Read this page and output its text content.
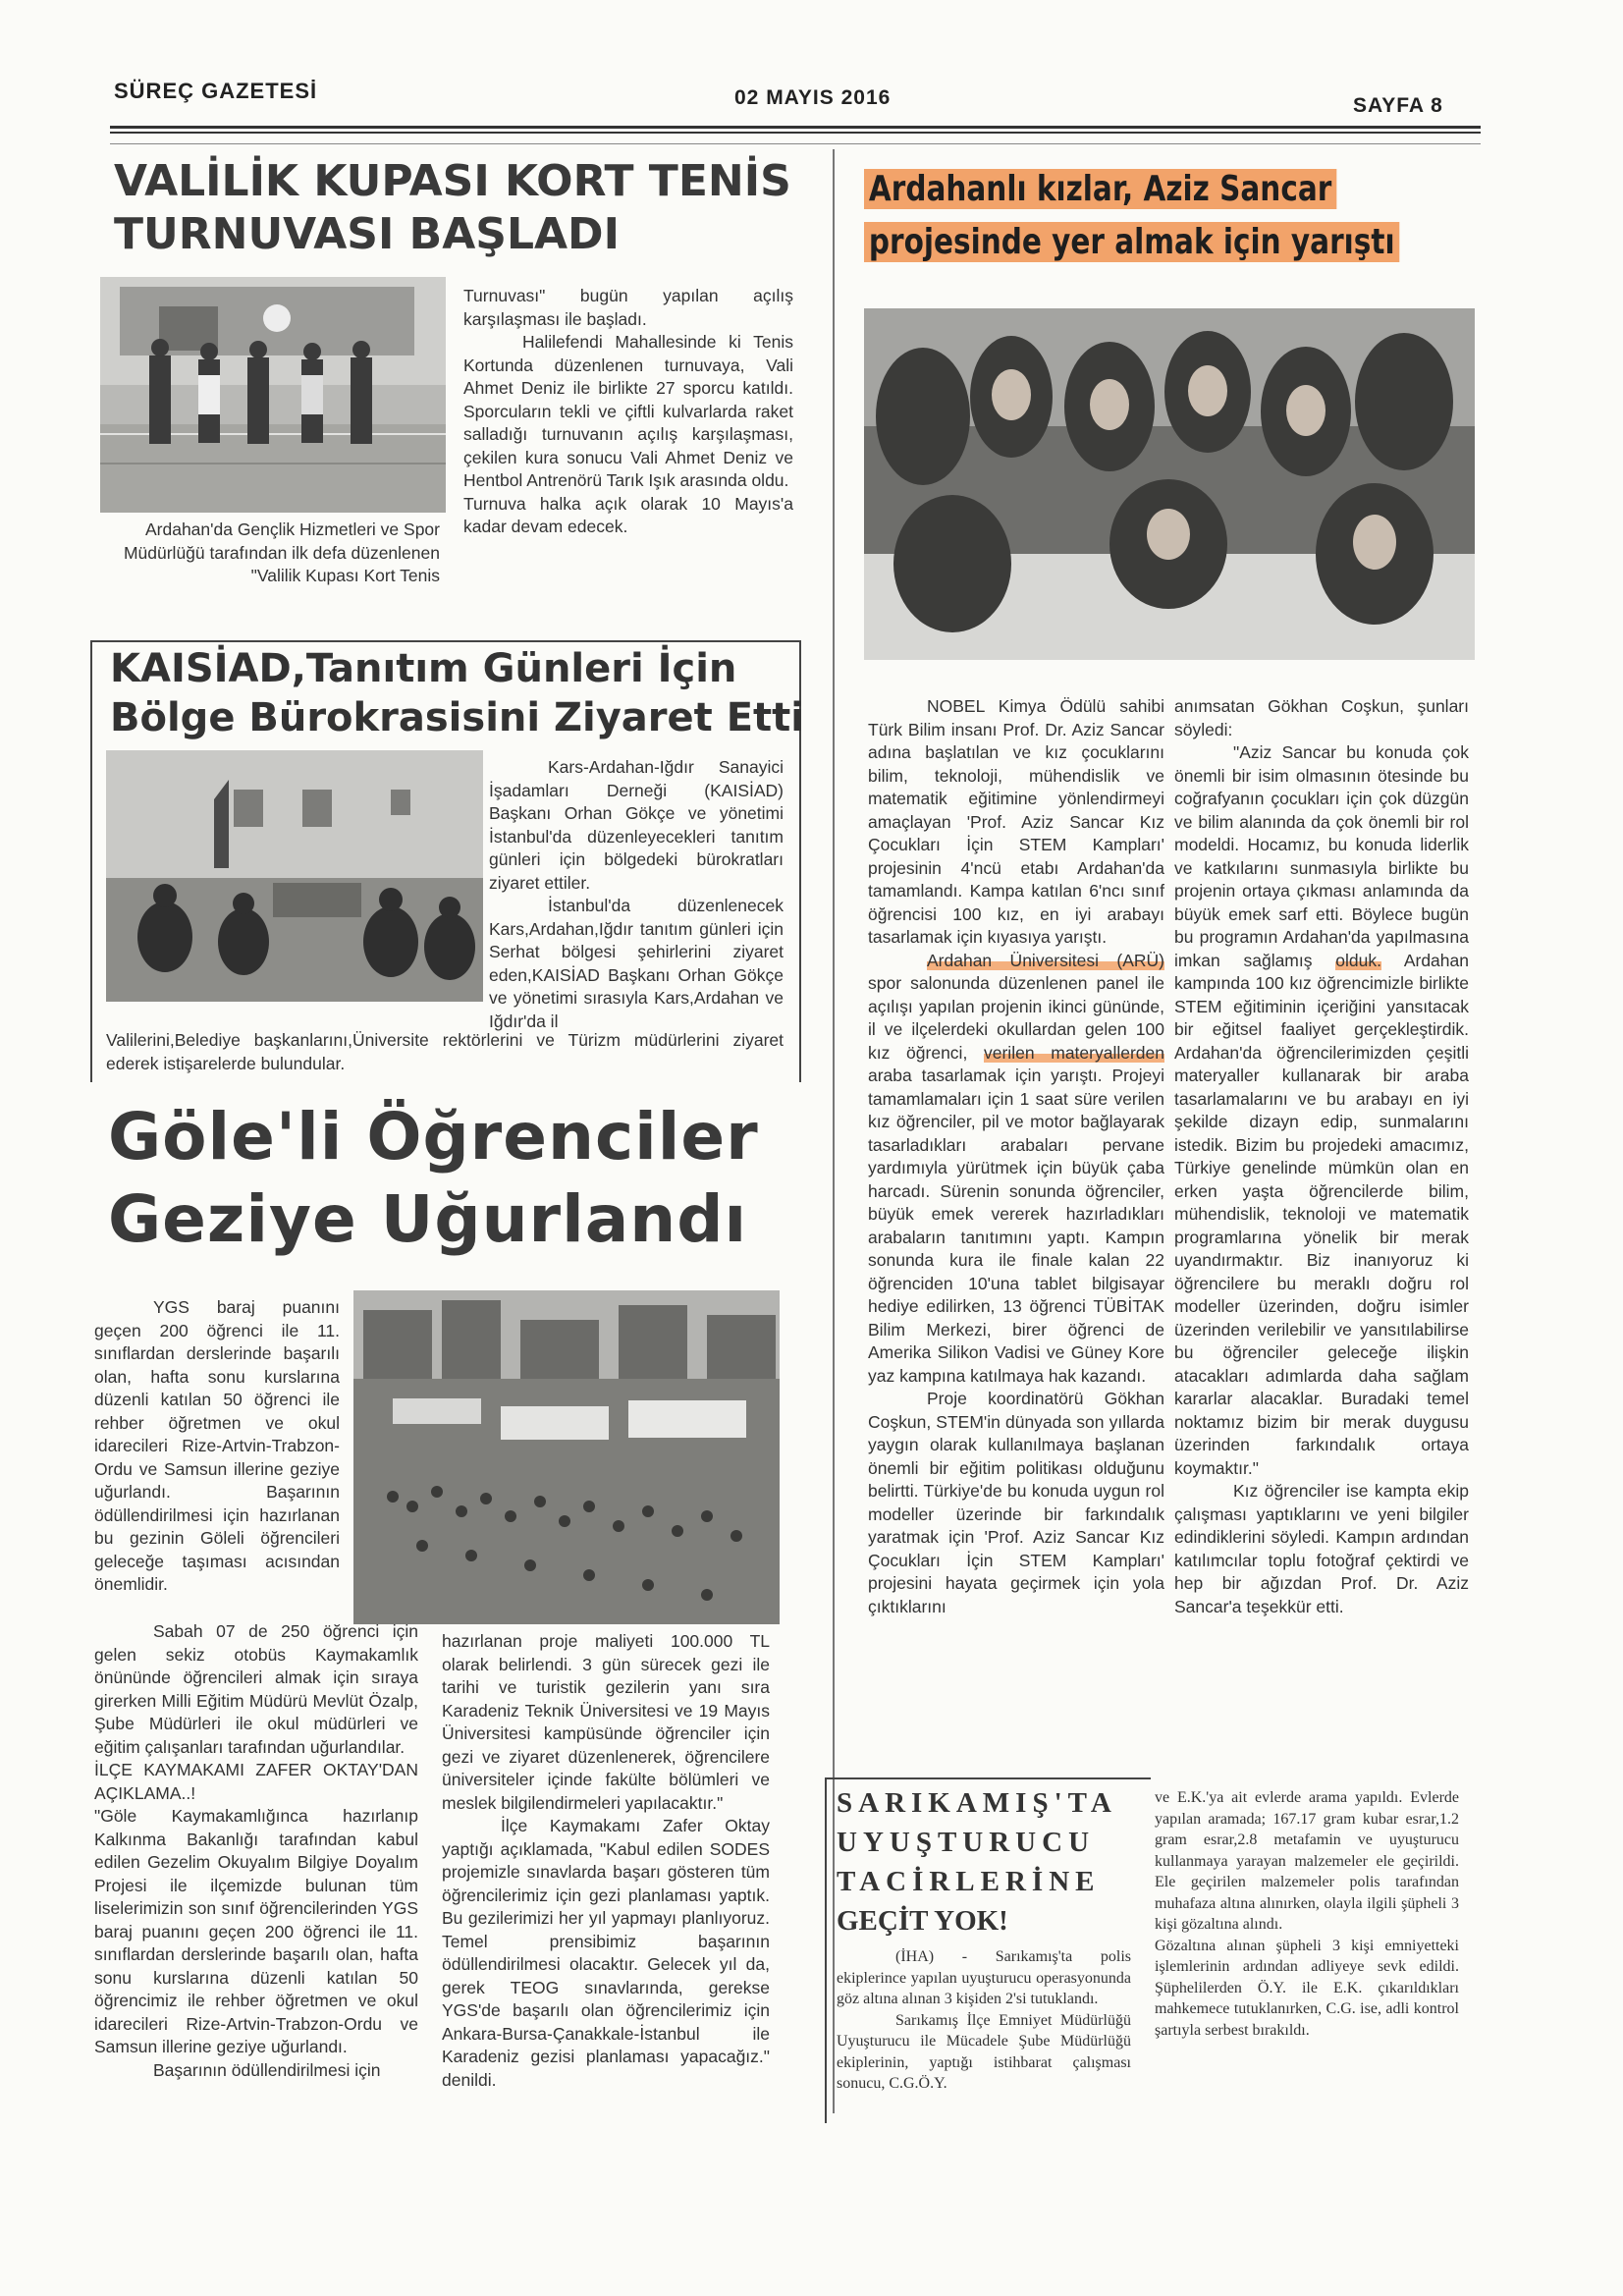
SÜREÇ GAZETESİ	02 MAYIS 2016	SAYFA 8
VALİLİK KUPASI KORT TENİS
TURNUVASI BAŞLADI
Ardahan'da Gençlik Hizmetleri ve Spor Müdürlüğü tarafından ilk defa düzenlenen "Valilik Kupası Kort Tenis

Turnuvası" bugün yapılan açılış karşılaşması ile başladı.

Halilefendi Mahallesinde ki Tenis Kortunda düzenlenen turnuvaya, Vali Ahmet Deniz ile birlikte 27 sporcu katıldı. Sporcuların tekli ve çiftli kulvarlarda raket salladığı turnuvanın açılış karşılaşması, çekilen kura sonucu Vali Ahmet Deniz ve Hentbol Antrenörü Tarık Işık arasında oldu.

Turnuva halka açık olarak 10 Mayıs'a kadar devam edecek.

KAISİAD,Tanıtım Günleri İçin
Bölge Bürokrasisini Ziyaret Etti

Kars-Ardahan-Iğdır Sanayici İşadamları Derneği (KAISİAD) Başkanı Orhan Gökçe ve yönetimi İstanbul'da düzenleyecekleri tanıtım günleri için bölgedeki bürokratları ziyaret ettiler.

İstanbul'da düzenlenecek Kars,Ardahan,Iğdır tanıtım günleri için Serhat bölgesi şehirlerini ziyaret eden,KAISİAD Başkanı Orhan Gökçe ve yönetimi sırasıyla Kars,Ardahan ve Iğdır'da il

Valilerini,Belediye başkanlarını,Üniversite rektörlerini ve Türizm müdürlerini ziyaret ederek istişarelerde bulundular.
Göle'li Öğrenciler
Geziye Uğurlandı

YGS baraj puanını geçen 200 öğrenci ile 11. sınıflardan derslerinde başarılı olan, hafta sonu kurslarına düzenli katılan 50 öğrenci ile rehber öğretmen ve okul idarecileri Rize-Artvin-Trabzon-Ordu ve Samsun illerine geziye uğurlandı. Başarının ödüllendirilmesi için hazırlanan bu gezinin Göleli öğrencileri geleceğe taşıması acısından önemlidir.

Sabah 07 de 250 öğrenci için gelen sekiz otobüs Kaymakamlık önününde öğrencileri almak için sıraya girerken Milli Eğitim Müdürü Mevlüt Özalp, Şube Müdürleri ile okul müdürleri ve eğitim çalışanları tarafından uğurlandılar.

İLÇE KAYMAKAMI ZAFER OKTAY'DAN AÇIKLAMA..!

"Göle Kaymakamlığınca hazırlanıp Kalkınma Bakanlığı tarafından kabul edilen Gezelim Okuyalım Bilgiye Doyalım Projesi ile ilçemizde bulunan tüm liselerimizin son sınıf öğrencilerinden YGS baraj puanını geçen 200 öğrenci ile 11. sınıflardan derslerinde başarılı olan, hafta sonu kurslarına düzenli katılan 50 öğrencimiz ile rehber öğretmen ve okul idarecileri Rize-Artvin-Trabzon-Ordu ve Samsun illerine geziye uğurlandı.

Başarının ödüllendirilmesi için

hazırlanan proje maliyeti 100.000 TL olarak belirlendi. 3 gün sürecek gezi ile tarihi ve turistik gezilerin yanı sıra Karadeniz Teknik Üniversitesi ve 19 Mayıs Üniversitesi kampüsünde öğrenciler için gezi ve ziyaret düzenlenerek, öğrencilere üniversiteler içinde fakülte bölümleri ve meslek bilgilendirmeleri yapılacaktır."

İlçe Kaymakamı Zafer Oktay yaptığı açıklamada, "Kabul edilen SODES projemizle sınavlarda başarı gösteren tüm öğrencilerimiz için gezi planlaması yaptık. Bu gezilerimizi her yıl yapmayı planlıyoruz. Temel prensibimiz başarının ödüllendirilmesi olacaktır. Gelecek yıl da, gerek TEOG sınavlarında, gerekse YGS'de başarılı olan öğrencilerimiz için Ankara-Bursa-Çanakkale-İstanbul ile Karadeniz gezisi planlaması yapacağız." denildi.

Ardahanlı kızlar, Aziz Sancar
projesinde yer almak için yarıştı

NOBEL Kimya Ödülü sahibi Türk Bilim insanı Prof. Dr. Aziz Sancar adına başlatılan ve kız çocuklarını bilim, teknoloji, mühendislik ve matematik eğitimine yönlendirmeyi amaçlayan 'Prof. Aziz Sancar Kız Çocukları İçin STEM Kampları' projesinin 4'ncü etabı Ardahan'da tamamlandı. Kampa katılan 6'ncı sınıf öğrencisi 100 kız, en iyi arabayı tasarlamak için kıyasıya yarıştı.

Ardahan Üniversitesi (ARÜ) spor salonunda düzenlenen panel ile açılışı yapılan projenin ikinci gününde, il ve ilçelerdeki okullardan gelen 100 kız öğrenci, verilen materyallerden araba tasarlamak için yarıştı. Projeyi tamamlamaları için 1 saat süre verilen kız öğrenciler, pil ve motor bağlayarak tasarladıkları arabaları pervane yardımıyla yürütmek için büyük çaba harcadı. Sürenin sonunda öğrenciler, büyük emek vererek hazırladıkları arabaların tanıtımını yaptı. Kampın sonunda kura ile finale kalan 22 öğrenciden 10'una tablet bilgisayar hediye edilirken, 13 öğrenci TÜBİTAK Bilim Merkezi, birer öğrenci de Amerika Silikon Vadisi ve Güney Kore yaz kampına katılmaya hak kazandı.

Proje koordinatörü Gökhan Coşkun, STEM'in dünyada son yıllarda yaygın olarak kullanılmaya başlanan önemli bir eğitim politikası olduğunu belirtti. Türkiye'de bu konuda uygun rol modeller üzerinde bir farkındalık yaratmak için 'Prof. Aziz Sancar Kız Çocukları İçin STEM Kampları' projesini hayata geçirmek için yola çıktıklarını

anımsatan Gökhan Coşkun, şunları söyledi:

"Aziz Sancar bu konuda çok önemli bir isim olmasının ötesinde bu coğrafyanın çocukları için çok düzgün ve bilim alanında da çok önemli bir rol modeldi. Hocamız, bu konuda liderlik ve katkılarını sunmasıyla birlikte bu projenin ortaya çıkması anlamında da büyük emek sarf etti. Böylece bugün bu programın Ardahan'da yapılmasına imkan sağlamış olduk. Ardahan kampında 100 kız öğrencimizle birlikte STEM eğitiminin içeriğini yansıtacak bir eğitsel faaliyet gerçekleştirdik. Ardahan'da öğrencilerimizden çeşitli materyaller kullanarak bir araba tasarlamalarını ve bu arabayı en iyi şekilde dizayn edip, sunmalarını istedik. Bizim bu projedeki amacımız, Türkiye genelinde mümkün olan en erken yaşta öğrencilerde bilim, mühendislik, teknoloji ve matematik programlarına yönelik bir merak uyandırmaktır. Biz inanıyoruz ki öğrencilere bu meraklı doğru rol modeller üzerinden, doğru isimler üzerinden verilebilir ve yansıtılabilirse bu öğrenciler geleceğe ilişkin atacakları adımlarda daha sağlam kararlar alacaklar. Buradaki temel noktamız bizim bir merak duygusu üzerinden farkındalık ortaya koymaktır."

Kız öğrenciler ise kampta ekip çalışması yaptıklarını ve yeni bilgiler edindiklerini söyledi. Kampın ardından katılımcılar toplu fotoğraf çektirdi ve hep bir ağızdan Prof. Dr. Aziz Sancar'a teşekkür etti.

SARIKAMIŞ'TA
UYUŞTURUCU
TACİRLERİNE
GEÇİT YOK!

(İHA) - Sarıkamış'ta polis ekiplerince yapılan uyuşturucu operasyonunda göz altına alınan 3 kişiden 2'si tutuklandı.

Sarıkamış İlçe Emniyet Müdürlüğü Uyuşturucu ile Mücadele Şube Müdürlüğü ekiplerinin, yaptığı istihbarat çalışması sonucu, C.G.Ö.Y.

ve E.K.'ya ait evlerde arama yapıldı. Evlerde yapılan aramada; 167.17 gram kubar esrar,1.2 gram esrar,2.8 metafamin ve uyuşturucu kullanmaya yarayan malzemeler ele geçirildi. Ele geçirilen malzemeler polis tarafından muhafaza altına alınırken, olayla ilgili şüpheli 3 kişi gözaltına alındı.

Gözaltına alınan şüpheli 3 kişi emniyetteki işlemlerinin ardından adliyeye sevk edildi. Şüphelilerden Ö.Y. ile E.K. çıkarıldıkları mahkemece tutuklanırken, C.G. ise, adli kontrol şartıyla serbest bırakıldı.
